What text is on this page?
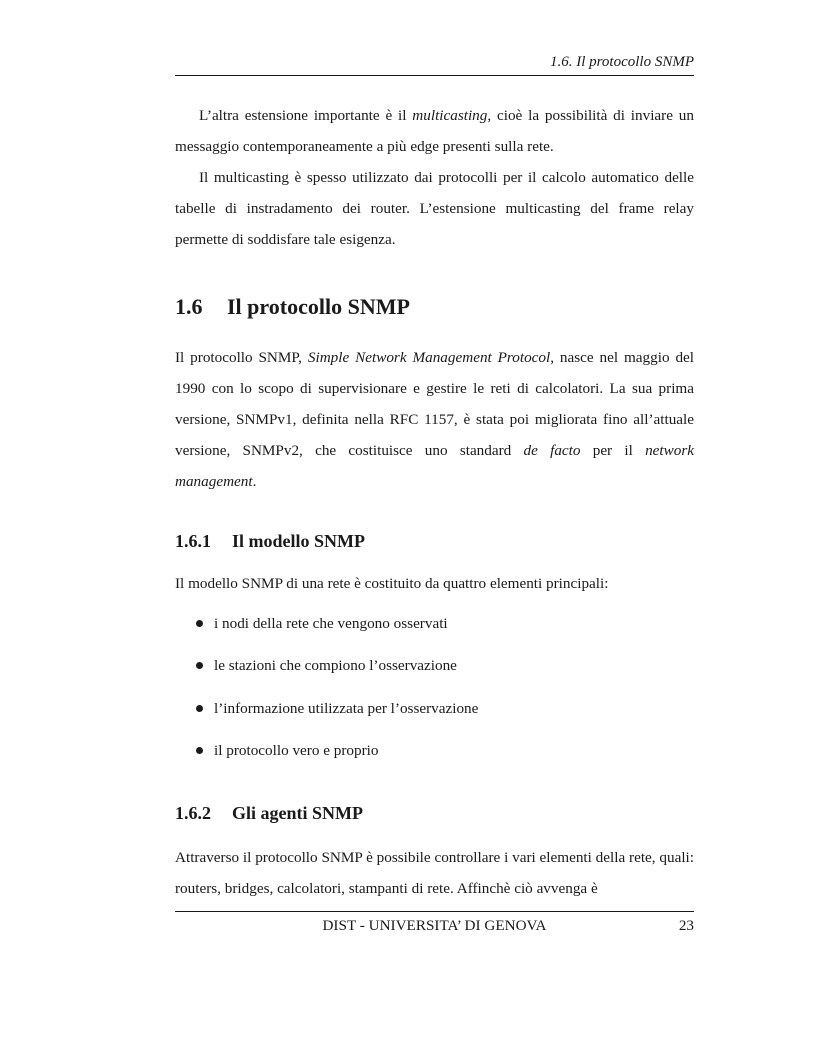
1.6. Il protocollo SNMP

L’altra estensione importante è il multicasting, cioè la possibilità di inviare un messaggio contemporaneamente a più edge presenti sulla rete.

Il multicasting è spesso utilizzato dai protocolli per il calcolo automatico delle tabelle di instradamento dei router. L’estensione multicasting del frame relay permette di soddisfare tale esigenza.

1.6 Il protocollo SNMP

Il protocollo SNMP, Simple Network Management Protocol, nasce nel maggio del 1990 con lo scopo di supervisionare e gestire le reti di calcolatori. La sua prima versione, SNMPv1, definita nella RFC 1157, è stata poi migliorata fino all’attuale versione, SNMPv2, che costituisce uno standard de facto per il network management.

1.6.1 Il modello SNMP

Il modello SNMP di una rete è costituito da quattro elementi principali:

i nodi della rete che vengono osservati
le stazioni che compiono l’osservazione
l’informazione utilizzata per l’osservazione
il protocollo vero e proprio
1.6.2 Gli agenti SNMP

Attraverso il protocollo SNMP è possibile controllare i vari elementi della rete, quali: routers, bridges, calcolatori, stampanti di rete. Affinchè ciò avvenga è

DIST - UNIVERSITA’ DI GENOVA	23
